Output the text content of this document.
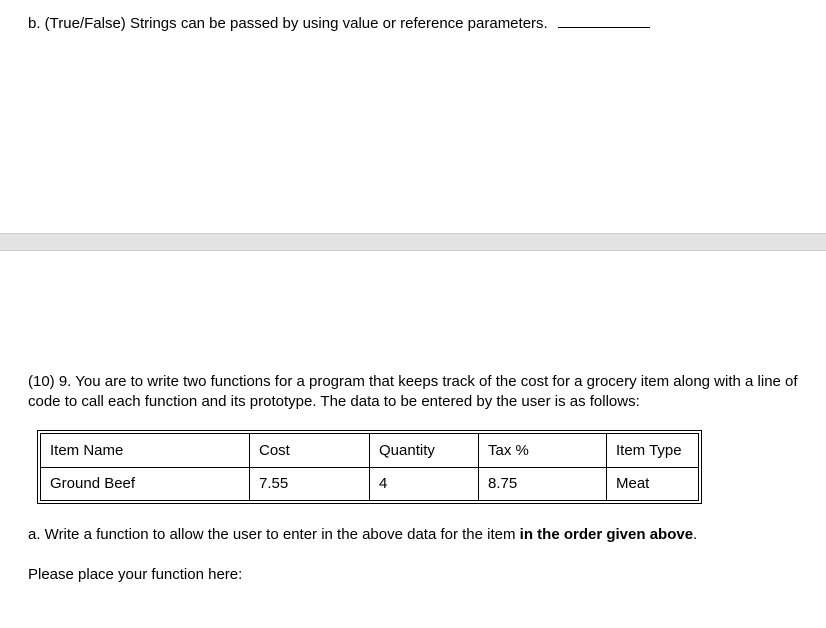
b. (True/False) Strings can be passed by using value or reference parameters.
(10) 9. You are to write two functions for a program that keeps track of the cost for a grocery item along with a line of code to call each function and its prototype. The data to be entered by the user is as follows:
Item Name	Cost	Quantity	Tax %	Item Type
Ground Beef	7.55	4	8.75	Meat
a. Write a function to allow the user to enter in the above data for the item in the order given above.
Please place your function here:
